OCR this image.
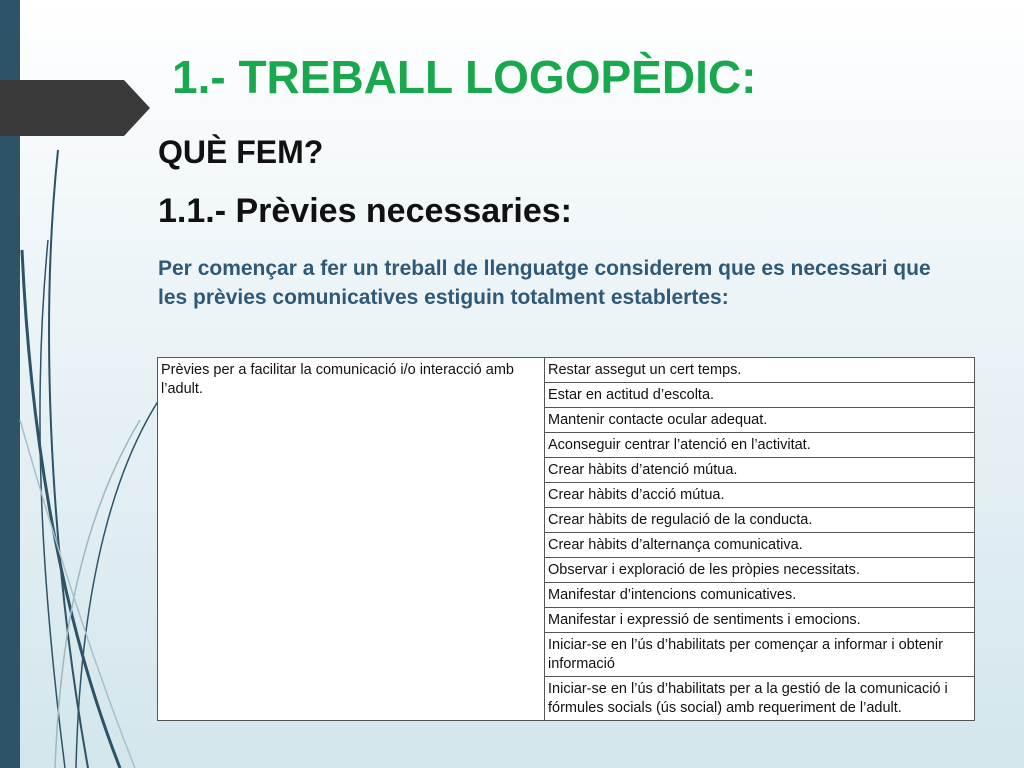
1.- TREBALL LOGOPÈDIC:
QUÈ FEM?
1.1.- Prèvies necessaries:

Per començar a fer un treball de llenguatge considerem que es necessari que les prèvies comunicatives estiguin totalment establertes:

Prèvies per a facilitar la comunicació i/o interacció amb l’adult.	Restar assegut un cert temps.
Estar en actitud d’escolta.
Mantenir contacte ocular adequat.
Aconseguir centrar l’atenció en l’activitat.
Crear hàbits d’atenció mútua.
Crear hàbits d’acció mútua.
Crear hàbits de regulació de la conducta.
Crear hàbits d’alternança comunicativa.
Observar i exploració de les pròpies necessitats.
Manifestar d’intencions comunicatives.
Manifestar i expressió de sentiments i emocions.
Iniciar-se en l’ús d’habilitats per començar a informar i obtenir informació
Iniciar-se en l’ús d’habilitats per a la gestió de la comunicació i fórmules socials (ús social) amb requeriment de l’adult.
